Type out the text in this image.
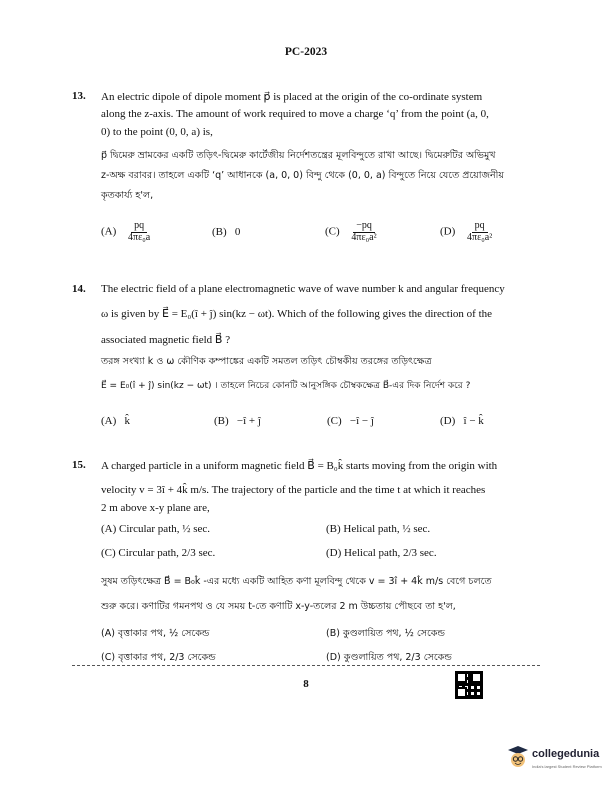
PC-2023
13. An electric dipole of dipole moment p⃗ is placed at the origin of the co-ordinate system
along the z-axis. The amount of work required to move a charge ‘q’ from the point (a, 0,
0) to the point (0, 0, a) is,
p⃗ দ্বিমেরু ভ্রামকের একটি তড়িৎ-দ্বিমেরু কার্টেজীয় নির্দেশতন্ত্রের মূলবিন্দুতে রাখা আছে। দ্বিমেরুটির অভিমুখ
z-অক্ষ বরাবর। তাহলে একটি ‘q’ আধানকে (a, 0, 0) বিন্দু থেকে (0, 0, a) বিন্দুতে নিয়ে যেতে প্রয়োজনীয়
কৃতকার্য্য হ'ল,
$(A) \frac{pq}{\text{4πε₀a}}$	(B) 0	$(C) \frac{-pq}{\text{4πε₀a²}}$	$(D) \frac{pq}{\text{4πε₀a²}}$
14. The electric field of a plane electromagnetic wave of wave number k and angular frequency
ω is given by E⃗ = E₀(î + ĵ) sin(kz − ωt). Which of the following gives the direction of the
associated magnetic field B⃗ ?
তরঙ্গ সংখ্যা k ও ω কৌণিক কম্পাঙ্কের একটি সমতল তড়িৎ চৌম্বকীয় তরঙ্গের তড়িৎক্ষেত্র
E⃗ = E₀(î + ĵ) sin(kz − ωt) । তাহলে নিচের কোনটি আনুসঙ্গিক চৌম্বকক্ষেত্র B⃗-এর দিক নির্দেশ করে ?
(A) k̂	(B) −î + ĵ	(C) −î − ĵ	(D) î − k̂
15. A charged particle in a uniform magnetic field B⃗ = B₀k̂ starts moving from the origin with
velocity v = 3î + 4k̂ m/s. The trajectory of the particle and the time t at which it reaches
2 m above x-y plane are,
(A) Circular path, ½ sec.	(B) Helical path, ½ sec.
(C) Circular path, 2/3 sec.	(D) Helical path, 2/3 sec.
সুষম তড়িৎক্ষেত্র B⃗ = B₀k̂ -এর মধ্যে একটি আহিত কণা মূলবিন্দু থেকে v = 3î + 4k̂ m/s বেগে চলতে
শুরু করে। কণাটির গমনপথ ও যে সময় t-তে কণাটি x-y-তলের 2 m উচ্চতায় পৌছবে তা হ'ল,
(A) বৃত্তাকার পথ, ½ সেকেন্ড	(B) কুণ্ডলায়িত পথ, ½ সেকেন্ড
(C) বৃত্তাকার পথ, 2/3 সেকেন্ড	(D) কুণ্ডলায়িত পথ, 2/3 সেকেন্ড
8
collegedunia
India's largest Student Review Platform
